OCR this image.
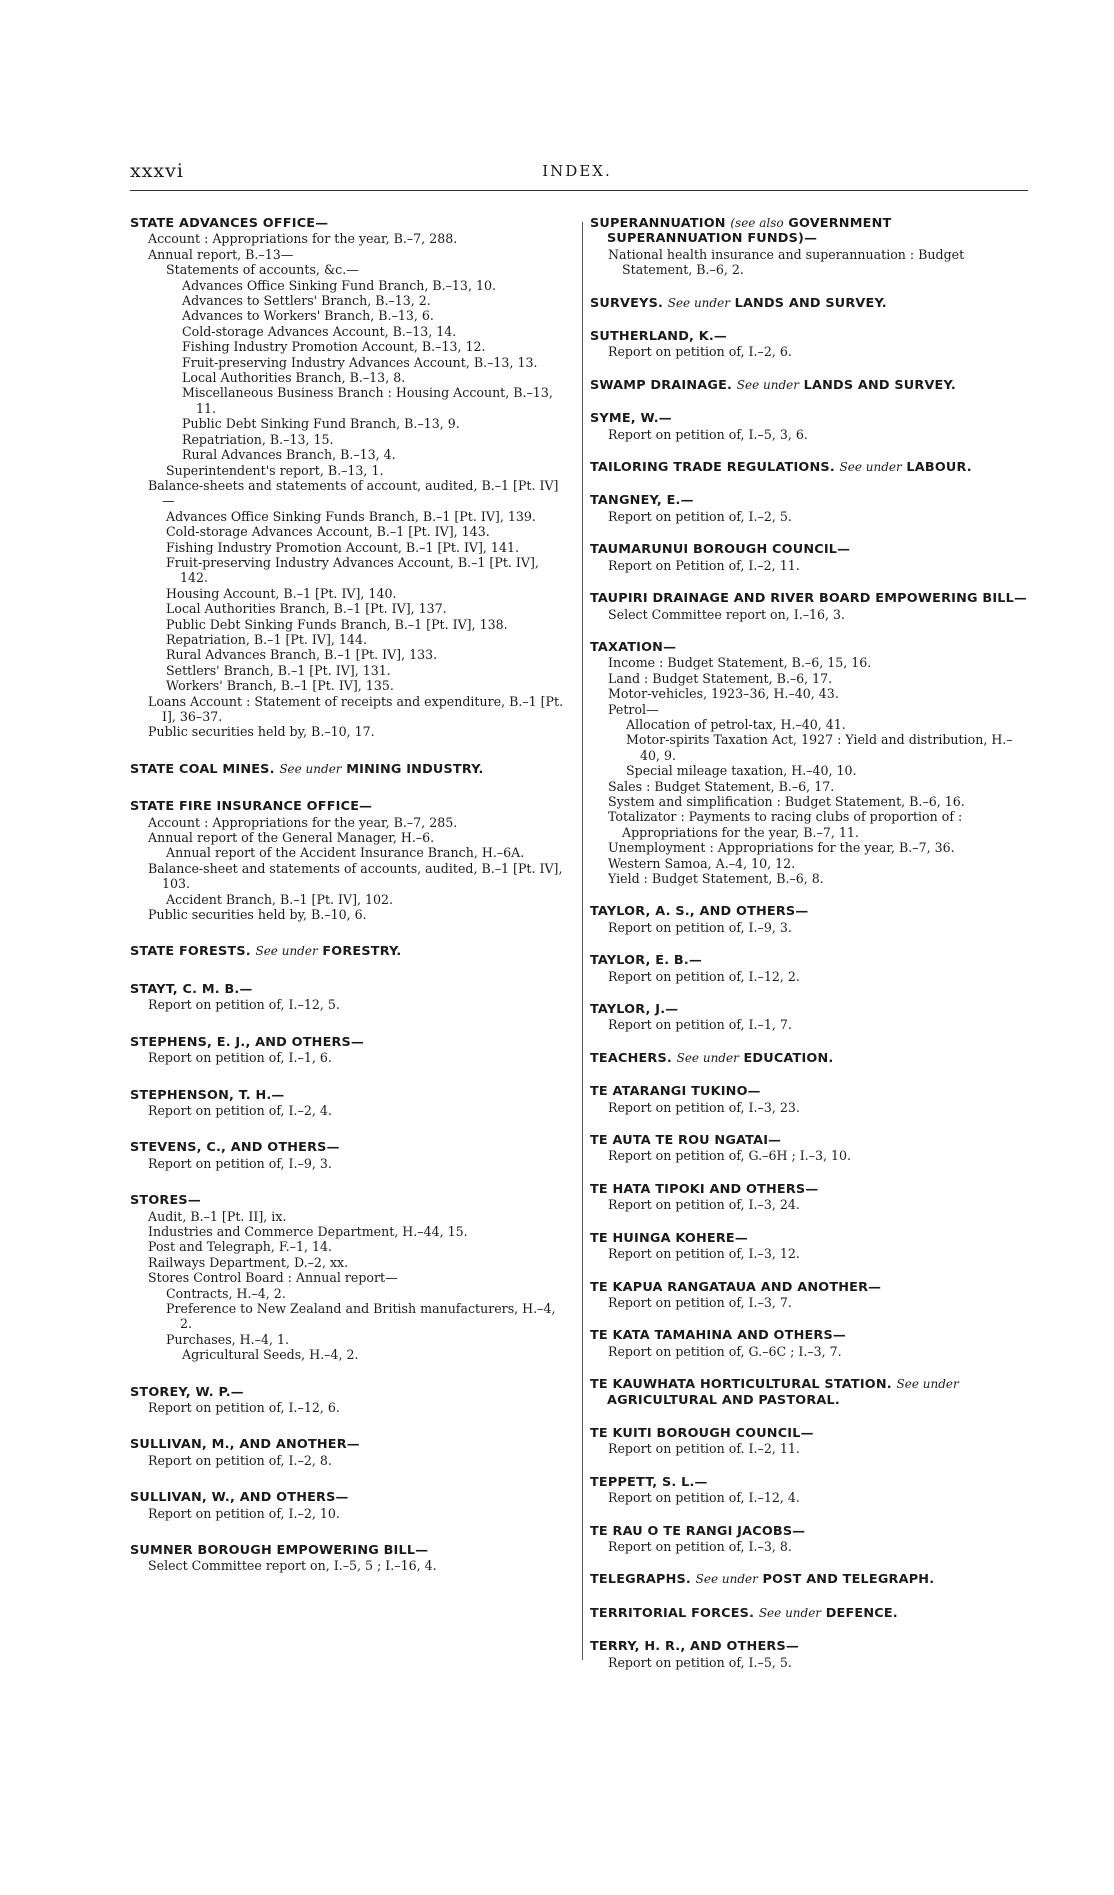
xxxvi	INDEX.
STATE ADVANCES OFFICE—
Account : Appropriations for the year, B.–7, 288.
Annual report, B.–13—
Statements of accounts, &c.—
Advances Office Sinking Fund Branch, B.–13, 10.
Advances to Settlers' Branch, B.–13, 2.
Advances to Workers' Branch, B.–13, 6.
Cold-storage Advances Account, B.–13, 14.
Fishing Industry Promotion Account, B.–13, 12.
Fruit-preserving Industry Advances Account, B.–13, 13.
Local Authorities Branch, B.–13, 8.
Miscellaneous Business Branch : Housing Account, B.–13, 11.
Public Debt Sinking Fund Branch, B.–13, 9.
Repatriation, B.–13, 15.
Rural Advances Branch, B.–13, 4.
Superintendent's report, B.–13, 1.
Balance-sheets and statements of account, audited, B.–1 [Pt. IV]—
Advances Office Sinking Funds Branch, B.–1 [Pt. IV], 139.
Cold-storage Advances Account, B.–1 [Pt. IV], 143.
Fishing Industry Promotion Account, B.–1 [Pt. IV], 141.
Fruit-preserving Industry Advances Account, B.–1 [Pt. IV], 142.
Housing Account, B.–1 [Pt. IV], 140.
Local Authorities Branch, B.–1 [Pt. IV], 137.
Public Debt Sinking Funds Branch, B.–1 [Pt. IV], 138.
Repatriation, B.–1 [Pt. IV], 144.
Rural Advances Branch, B.–1 [Pt. IV], 133.
Settlers' Branch, B.–1 [Pt. IV], 131.
Workers' Branch, B.–1 [Pt. IV], 135.
Loans Account : Statement of receipts and expenditure, B.–1 [Pt. I], 36–37.
Public securities held by, B.–10, 17.
STATE COAL MINES. See under MINING INDUSTRY.
STATE FIRE INSURANCE OFFICE—
Account : Appropriations for the year, B.–7, 285.
Annual report of the General Manager, H.–6.
Annual report of the Accident Insurance Branch, H.–6A.
Balance-sheet and statements of accounts, audited, B.–1 [Pt. IV], 103.
Accident Branch, B.–1 [Pt. IV], 102.
Public securities held by, B.–10, 6.
STATE FORESTS. See under FORESTRY.
STAYT, C. M. B.—
Report on petition of, I.–12, 5.
STEPHENS, E. J., AND OTHERS—
Report on petition of, I.–1, 6.
STEPHENSON, T. H.—
Report on petition of, I.–2, 4.
STEVENS, C., AND OTHERS—
Report on petition of, I.–9, 3.
STORES—
Audit, B.–1 [Pt. II], ix.
Industries and Commerce Department, H.–44, 15.
Post and Telegraph, F.–1, 14.
Railways Department, D.–2, xx.
Stores Control Board : Annual report—
Contracts, H.–4, 2.
Preference to New Zealand and British manufacturers, H.–4, 2.
Purchases, H.–4, 1.
Agricultural Seeds, H.–4, 2.
STOREY, W. P.—
Report on petition of, I.–12, 6.
SULLIVAN, M., AND ANOTHER—
Report on petition of, I.–2, 8.
SULLIVAN, W., AND OTHERS—
Report on petition of, I.–2, 10.
SUMNER BOROUGH EMPOWERING BILL—
Select Committee report on, I.–5, 5 ; I.–16, 4.
SUPERANNUATION (see also GOVERNMENT SUPERANNUATION FUNDS)—
National health insurance and superannuation : Budget Statement, B.–6, 2.
SURVEYS. See under LANDS AND SURVEY.
SUTHERLAND, K.—
Report on petition of, I.–2, 6.
SWAMP DRAINAGE. See under LANDS AND SURVEY.
SYME, W.—
Report on petition of, I.–5, 3, 6.
TAILORING TRADE REGULATIONS. See under LABOUR.
TANGNEY, E.—
Report on petition of, I.–2, 5.
TAUMARUNUI BOROUGH COUNCIL—
Report on Petition of, I.–2, 11.
TAUPIRI DRAINAGE AND RIVER BOARD EMPOWERING BILL—
Select Committee report on, I.–16, 3.
TAXATION—
Income : Budget Statement, B.–6, 15, 16.
Land : Budget Statement, B.–6, 17.
Motor-vehicles, 1923–36, H.–40, 43.
Petrol—
Allocation of petrol-tax, H.–40, 41.
Motor-spirits Taxation Act, 1927 : Yield and distribution, H.–40, 9.
Special mileage taxation, H.–40, 10.
Sales : Budget Statement, B.–6, 17.
System and simplification : Budget Statement, B.–6, 16.
Totalizator : Payments to racing clubs of proportion of : Appropriations for the year, B.–7, 11.
Unemployment : Appropriations for the year, B.–7, 36.
Western Samoa, A.–4, 10, 12.
Yield : Budget Statement, B.–6, 8.
TAYLOR, A. S., AND OTHERS—
Report on petition of, I.–9, 3.
TAYLOR, E. B.—
Report on petition of, I.–12, 2.
TAYLOR, J.—
Report on petition of, I.–1, 7.
TEACHERS. See under EDUCATION.
TE ATARANGI TUKINO—
Report on petition of, I.–3, 23.
TE AUTA TE ROU NGATAI—
Report on petition of, G.–6H ; I.–3, 10.
TE HATA TIPOKI AND OTHERS—
Report on petition of, I.–3, 24.
TE HUINGA KOHERE—
Report on petition of, I.–3, 12.
TE KAPUA RANGATAUA AND ANOTHER—
Report on petition of, I.–3, 7.
TE KATA TAMAHINA AND OTHERS—
Report on petition of, G.–6C ; I.–3, 7.
TE KAUWHATA HORTICULTURAL STATION. See under AGRICULTURAL AND PASTORAL.
TE KUITI BOROUGH COUNCIL—
Report on petition of. I.–2, 11.
TEPPETT, S. L.—
Report on petition of, I.–12, 4.
TE RAU O TE RANGI JACOBS—
Report on petition of, I.–3, 8.
TELEGRAPHS. See under POST AND TELEGRAPH.
TERRITORIAL FORCES. See under DEFENCE.
TERRY, H. R., AND OTHERS—
Report on petition of, I.–5, 5.
